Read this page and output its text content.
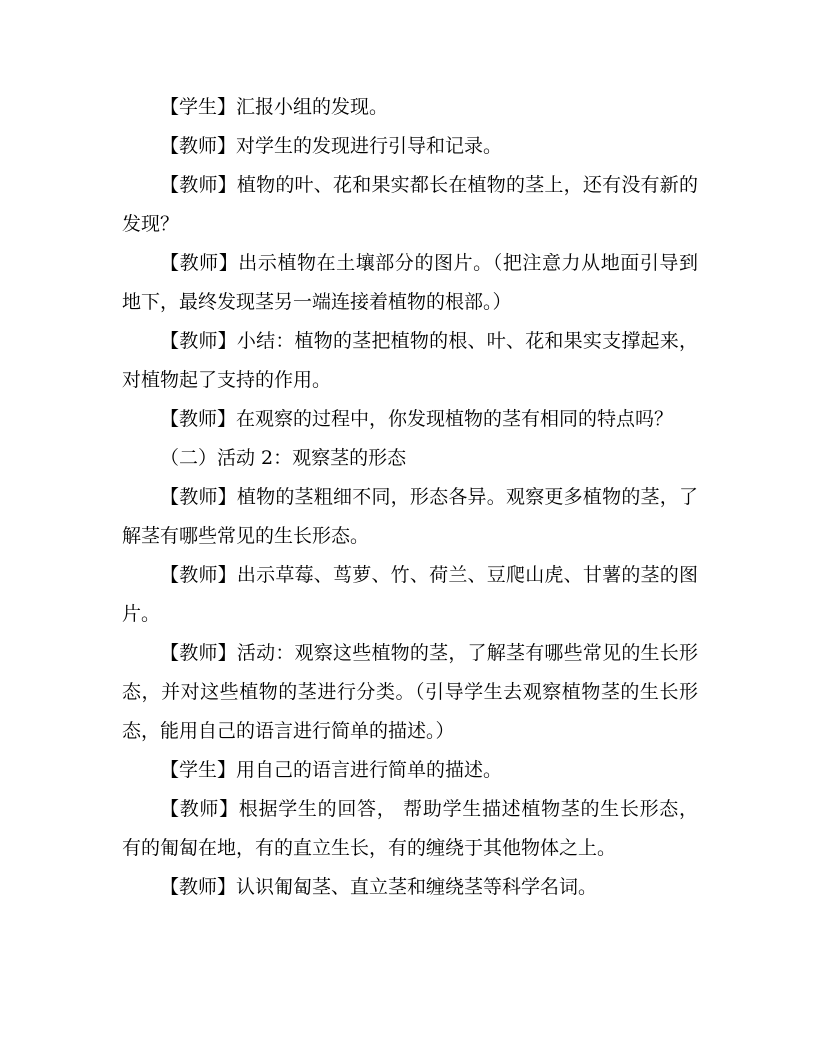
【学生】汇报小组的发现。

【教师】对学生的发现进行引导和记录。

【教师】植物的叶、花和果实都长在植物的茎上，还有没有新的发现？

【教师】出示植物在土壤部分的图片。（把注意力从地面引导到地下，最终发现茎另一端连接着植物的根部。）

【教师】小结：植物的茎把植物的根、叶、花和果实支撑起来，对植物起了支持的作用。

【教师】在观察的过程中，你发现植物的茎有相同的特点吗？

（二）活动 2：观察茎的形态

【教师】植物的茎粗细不同，形态各异。观察更多植物的茎，了解茎有哪些常见的生长形态。

【教师】出示草莓、茑萝、竹、荷兰、豆爬山虎、甘薯的茎的图片。

【教师】活动：观察这些植物的茎，了解茎有哪些常见的生长形态，并对这些植物的茎进行分类。（引导学生去观察植物茎的生长形态，能用自己的语言进行简单的描述。）

【学生】用自己的语言进行简单的描述。

【教师】根据学生的回答， 帮助学生描述植物茎的生长形态，有的匍匐在地，有的直立生长，有的缠绕于其他物体之上。

【教师】认识匍匐茎、直立茎和缠绕茎等科学名词。
